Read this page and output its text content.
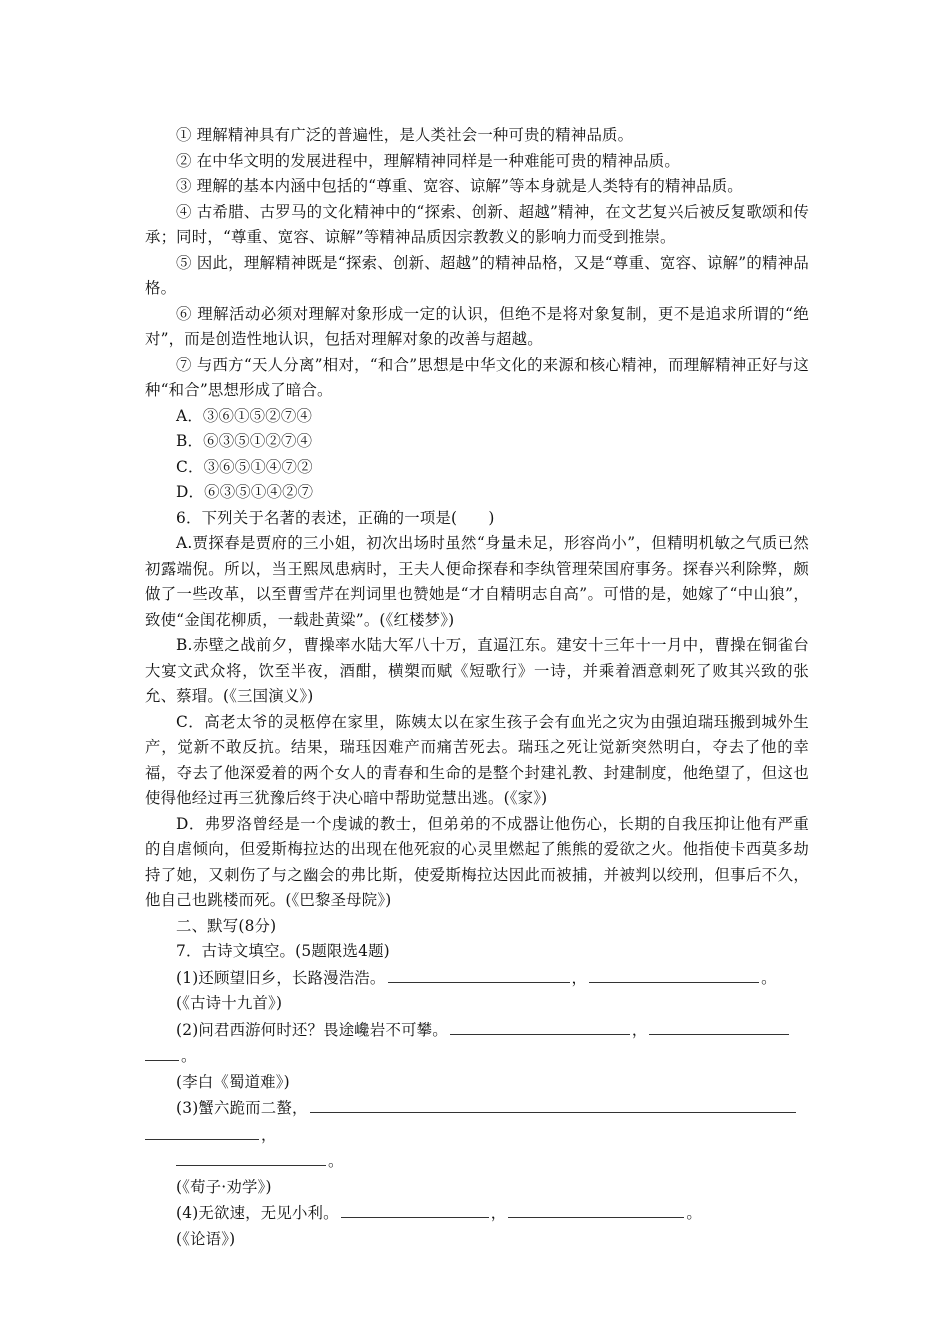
① 理解精神具有广泛的普遍性，是人类社会一种可贵的精神品质。

② 在中华文明的发展进程中，理解精神同样是一种难能可贵的精神品质。

③ 理解的基本内涵中包括的“尊重、宽容、谅解”等本身就是人类特有的精神品质。

④ 古希腊、古罗马的文化精神中的“探索、创新、超越”精神，在文艺复兴后被反复歌颂和传承；同时，“尊重、宽容、谅解”等精神品质因宗教教义的影响力而受到推崇。

⑤ 因此，理解精神既是“探索、创新、超越”的精神品格，又是“尊重、宽容、谅解”的精神品格。

⑥ 理解活动必须对理解对象形成一定的认识，但绝不是将对象复制，更不是追求所谓的“绝对”，而是创造性地认识，包括对理解对象的改善与超越。

⑦ 与西方“天人分离”相对，“和合”思想是中华文化的来源和核心精神，而理解精神正好与这种“和合”思想形成了暗合。

A．③⑥①⑤②⑦④

B．⑥③⑤①②⑦④

C．③⑥⑤①④⑦②

D．⑥③⑤①④②⑦

6．下列关于名著的表述，正确的一项是(　　)

A.贾探春是贾府的三小姐，初次出场时虽然“身量未足，形容尚小”，但精明机敏之气质已然初露端倪。所以，当王熙凤患病时，王夫人便命探春和李纨管理荣国府事务。探春兴利除弊，颇做了一些改革，以至曹雪芹在判词里也赞她是“才自精明志自高”。可惜的是，她嫁了“中山狼”，致使“金闺花柳质，一载赴黄粱”。(《红楼梦》)

B.赤壁之战前夕，曹操率水陆大军八十万，直逼江东。建安十三年十一月中，曹操在铜雀台大宴文武众将，饮至半夜，酒酣，横槊而赋《短歌行》一诗，并乘着酒意刺死了败其兴致的张允、蔡瑁。(《三国演义》)

C．高老太爷的灵柩停在家里，陈姨太以在家生孩子会有血光之灾为由强迫瑞珏搬到城外生产，觉新不敢反抗。结果，瑞珏因难产而痛苦死去。瑞珏之死让觉新突然明白，夺去了他的幸福，夺去了他深爱着的两个女人的青春和生命的是整个封建礼教、封建制度，他绝望了，但这也使得他经过再三犹豫后终于决心暗中帮助觉慧出逃。(《家》)

D．弗罗洛曾经是一个虔诚的教士，但弟弟的不成器让他伤心，长期的自我压抑让他有严重的自虐倾向，但爱斯梅拉达的出现在他死寂的心灵里燃起了熊熊的爱欲之火。他指使卡西莫多劫持了她，又刺伤了与之幽会的弗比斯，使爱斯梅拉达因此而被捕，并被判以绞刑，但事后不久，他自己也跳楼而死。(《巴黎圣母院》)

二、默写(8分)

7．古诗文填空。(5题限选4题)

(1)还顾望旧乡，长路漫浩浩。	，	。

(《古诗十九首》)

(2)问君西游何时还？畏途巉岩不可攀。	，

。

(李白《蜀道难》)

(3)蟹六跪而二螯，

，

。

(《荀子·劝学》)

(4)无欲速，无见小利。	，	。

(《论语》)
